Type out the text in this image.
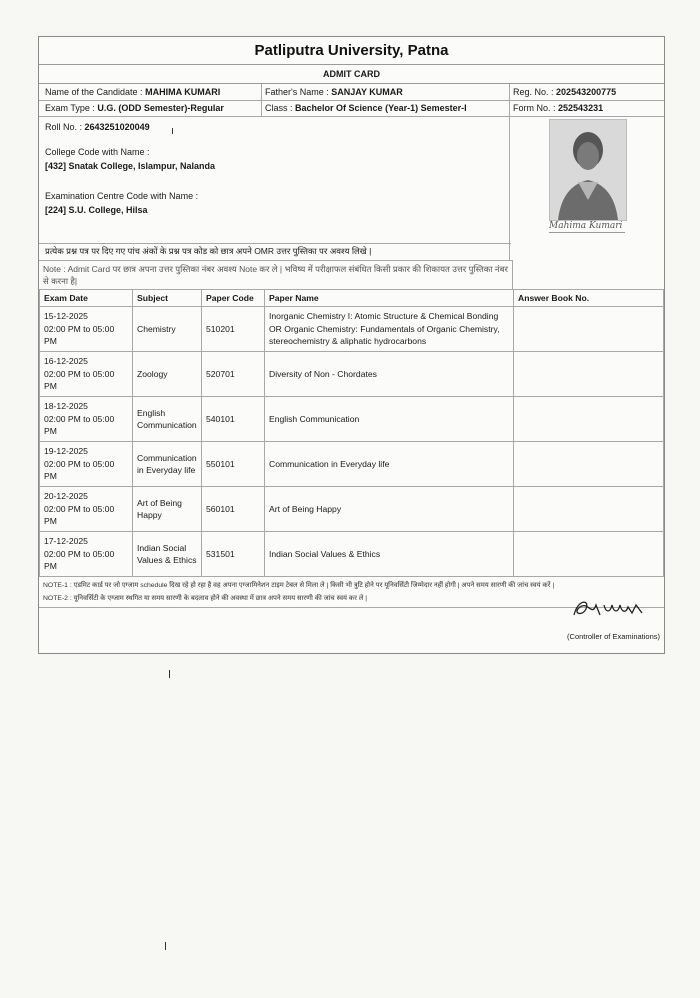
Patliputra University, Patna
ADMIT CARD
Name of the Candidate : MAHIMA KUMARI	Father's Name : SANJAY KUMAR	Reg. No. : 202543200775
Exam Type : U.G. (ODD Semester)-Regular	Class : Bachelor Of Science (Year-1) Semester-I	Form No. : 252543231
Roll No. : 2643251020049
College Code with Name :
[432] Snatak College, Islampur, Nalanda
Examination Centre Code with Name :
[224] S.U. College, Hilsa
Mahima Kumari
प्रत्येक प्रश्न पत्र पर दिए गए पांच अंकों के प्रश्न पत्र कोड को छात्र अपने OMR उत्तर पुस्तिका पर अवश्य लिखे |
Note : Admit Card पर छात्र अपना उत्तर पुस्तिका नंबर अवश्य Note कर ले | भविष्य में परीक्षाफल संबंधित किसी प्रकार की शिकायत उत्तर पुस्तिका नंबर से करना है|
Exam Date	Subject	Paper Code	Paper Name	Answer Book No.
15-12-2025
02:00 PM to 05:00 PM	Chemistry	510201	Inorganic Chemistry I: Atomic Structure & Chemical Bonding OR Organic Chemistry: Fundamentals of Organic Chemistry, stereochemistry & aliphatic hydrocarbons	
16-12-2025
02:00 PM to 05:00 PM	Zoology	520701	Diversity of Non - Chordates	
18-12-2025
02:00 PM to 05:00 PM	English Communication	540101	English Communication	
19-12-2025
02:00 PM to 05:00 PM	Communication in Everyday life	550101	Communication in Everyday life	
20-12-2025
02:00 PM to 05:00 PM	Art of Being Happy	560101	Art of Being Happy	
17-12-2025
02:00 PM to 05:00 PM	Indian Social Values & Ethics	531501	Indian Social Values & Ethics	
NOTE-1 : एडमिट कार्ड पर जो एग्जाम schedule दिख रहे हो रहा है वह अपना एग्जामिनेशन टाइम टेबल से मिला ले | किसी भी त्रुटि होने पर यूनिवर्सिटी जिम्मेदार नहीं होगी | अपने समय सारणी की जांच स्वयं करें |
NOTE-2 : यूनिवर्सिटी के एग्जाम स्थगित या समय सारणी के बदलाव होने की अवस्था में छात्र अपने समय सारणी की जांच स्वयं कर ले |
(Controller of Examinations)
